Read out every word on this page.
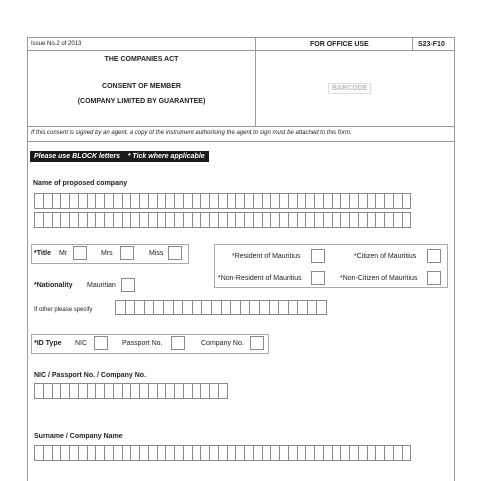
Issue No.2 of 2013	FOR OFFICE USE	S23-F10
THE COMPANIES ACT
CONSENT OF MEMBER
(COMPANY LIMITED BY GUARANTEE)
BARCODE
If this consent is signed by an agent, a copy of the instrument authorising the agent to sign must be attached to this form.
Please use BLOCK letters * Tick where applicable
Name of proposed company
*Title Mr	Mrs	Miss	*Resident of Mauritius	*Citizen of Mauritius
*Non-Resident of Mauritius	*Non-Citizen of Mauritius
*Nationality Mauritian
If other please specify
*ID Type NIC	Passport No.	Company No.
NIC / Passport No. / Company No.
Surname / Company Name
